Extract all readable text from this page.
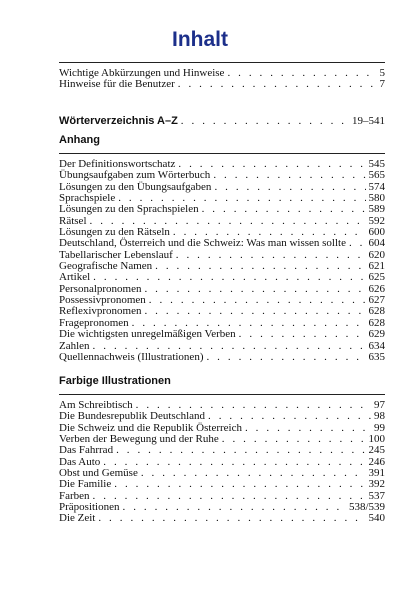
Inhalt
Wichtige Abkürzungen und Hinweise . . .	5
Hinweise für die Benutzer . . .	7
Wörterverzeichnis A–Z . . .	19–541
Anhang
Der Definitionswortschatz . . .	545
Übungsaufgaben zum Wörterbuch . . .	565
Lösungen zu den Übungsaufgaben . . .	574
Sprachspiele . . .	580
Lösungen zu den Sprachspielen . . .	589
Rätsel . . .	592
Lösungen zu den Rätseln . . .	600
Deutschland, Österreich und die Schweiz: Was man wissen sollte . . . 604
Tabellarischer Lebenslauf . . .	620
Geografische Namen . . .	621
Artikel . . .	625
Personalpronomen . . .	626
Possessivpronomen . . .	627
Reflexivpronomen . . .	628
Fragepronomen . . .	628
Die wichtigsten unregelmäßigen Verben . . .	629
Zahlen . . .	634
Quellennachweis (Illustrationen) . . .	635
Farbige Illustrationen
Am Schreibtisch . . .	97
Die Bundesrepublik Deutschland . . .	98
Die Schweiz und die Republik Österreich . . .	99
Verben der Bewegung und der Ruhe . . .	100
Das Fahrrad . . .	245
Das Auto . . .	246
Obst und Gemüse . . .	391
Die Familie . . .	392
Farben . . .	537
Präpositionen . . .	538/539
Die Zeit . . .	540
